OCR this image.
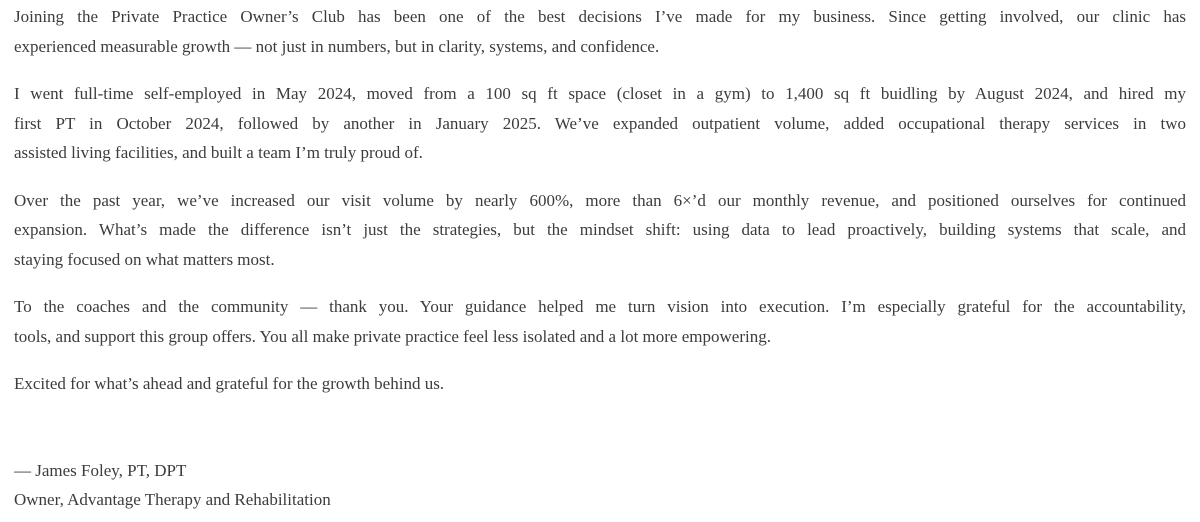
Joining the Private Practice Owner’s Club has been one of the best decisions I’ve made for my business. Since getting involved, our clinic has
experienced measurable growth — not just in numbers, but in clarity, systems, and confidence.
I went full-time self-employed in May 2024, moved from a 100 sq ft space (closet in a gym) to 1,400 sq ft buidling by August 2024, and hired my
first PT in October 2024, followed by another in January 2025. We’ve expanded outpatient volume, added occupational therapy services in two
assisted living facilities, and built a team I’m truly proud of.
Over the past year, we’ve increased our visit volume by nearly 600%, more than 6×’d our monthly revenue, and positioned ourselves for continued
expansion. What’s made the difference isn’t just the strategies, but the mindset shift: using data to lead proactively, building systems that scale, and
staying focused on what matters most.
To the coaches and the community — thank you. Your guidance helped me turn vision into execution. I’m especially grateful for the accountability,
tools, and support this group offers. You all make private practice feel less isolated and a lot more empowering.
Excited for what’s ahead and grateful for the growth behind us.
— James Foley, PT, DPT
Owner, Advantage Therapy and Rehabilitation
